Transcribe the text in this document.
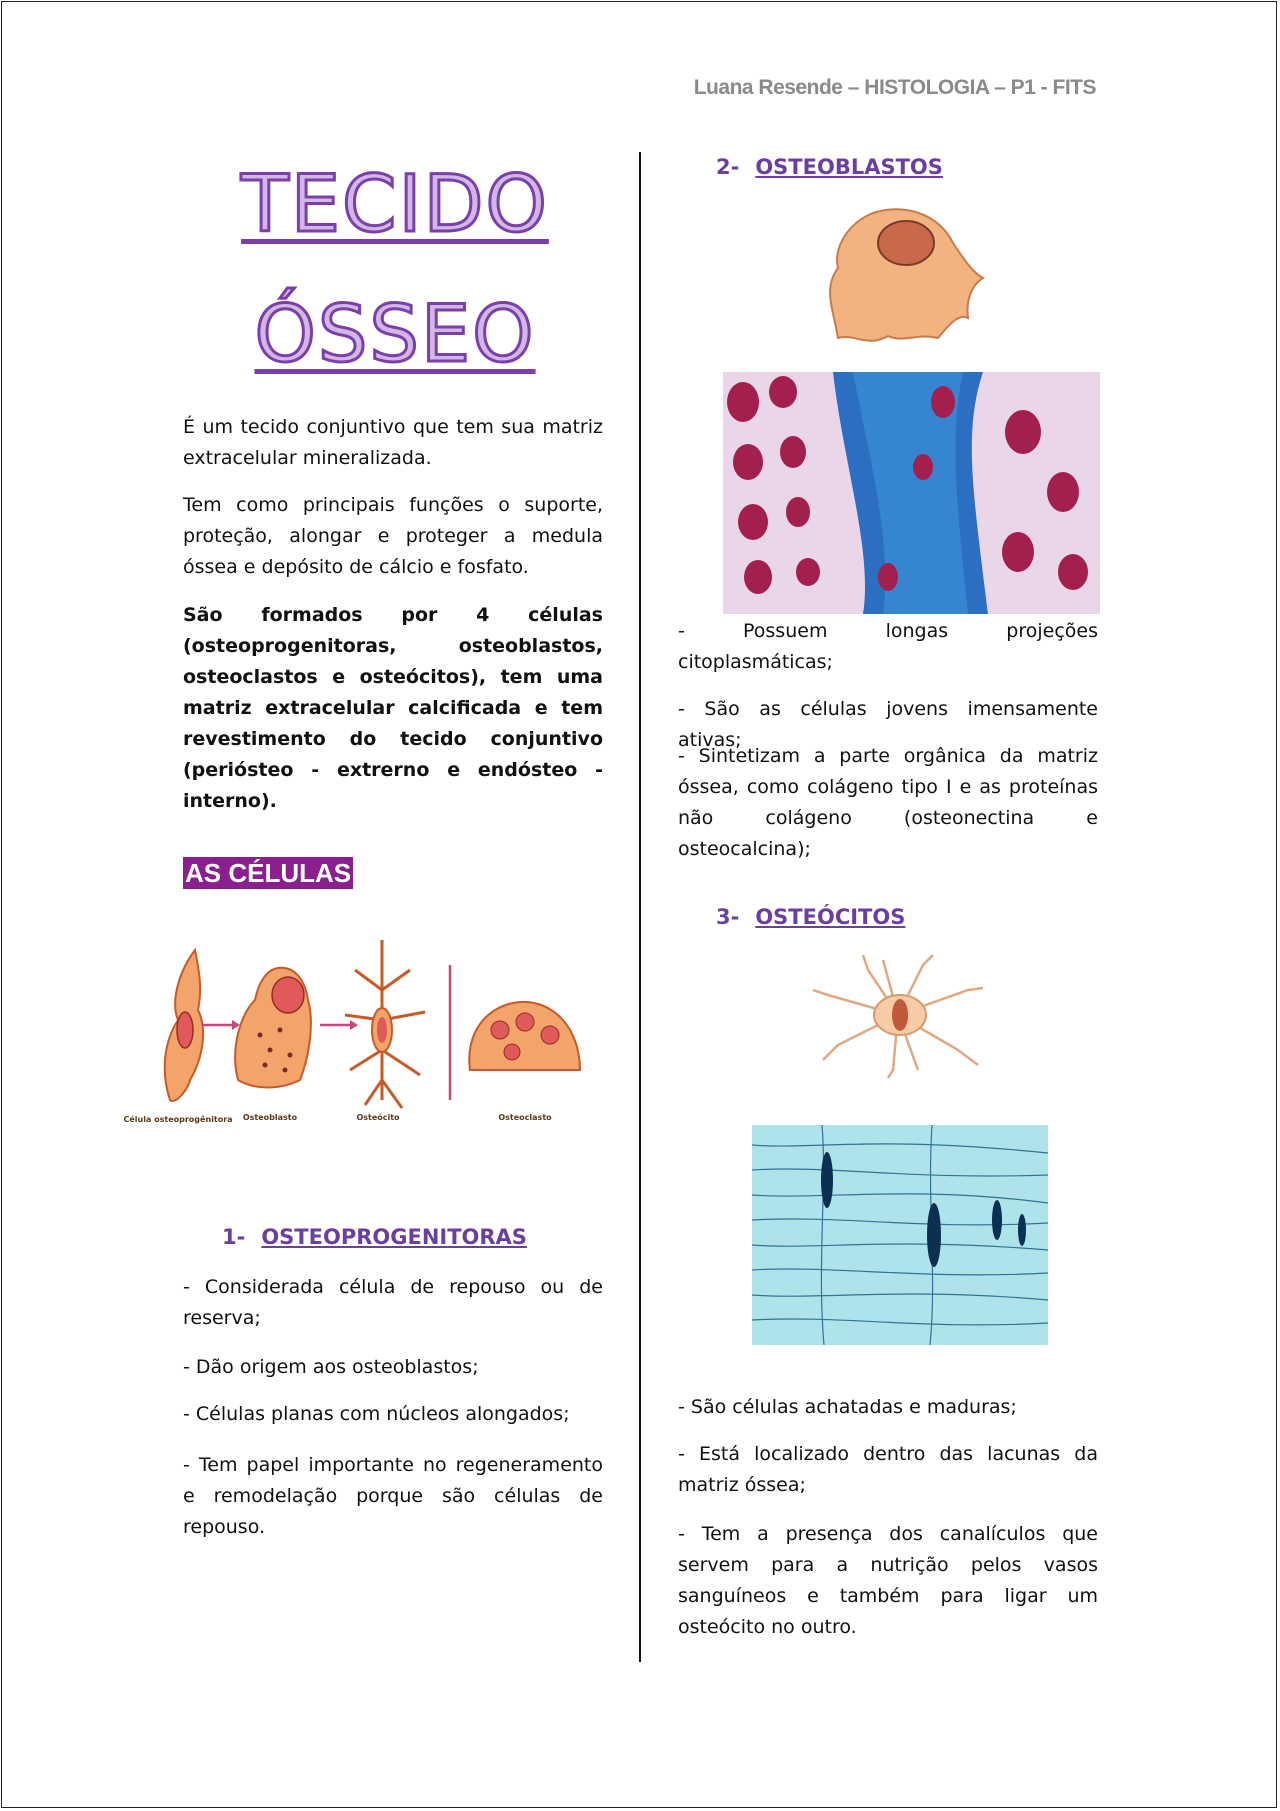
Luana Resende – HISTOLOGIA – P1 - FITS
TECIDO
ÓSSEO

É um tecido conjuntivo que tem sua matriz extracelular mineralizada.

Tem como principais funções o suporte, proteção, alongar e proteger a medula óssea e depósito de cálcio e fosfato.

São formados por 4 células (osteoprogenitoras, osteoblastos, osteoclastos e osteócitos), tem uma matriz extracelular calcificada e tem revestimento do tecido conjuntivo (periósteo - extrerno e endósteo - interno).

AS CÉLULAS
Célula osteoprogênitora Osteoblasto	Osteócito	Osteoclasto
1- OSTEOPROGENITORAS

- Considerada célula de repouso ou de reserva;

- Dão origem aos osteoblastos;

- Células planas com núcleos alongados;

- Tem papel importante no regeneramento e remodelação porque são células de repouso.

2- OSTEOBLASTOS

- Possuem longas projeções citoplasmáticas;

- São as células jovens imensamente ativas;

- Sintetizam a parte orgânica da matriz óssea, como colágeno tipo I e as proteínas não colágeno (osteonectina e osteocalcina);

3- OSTEÓCITOS

- São células achatadas e maduras;

- Está localizado dentro das lacunas da matriz óssea;

- Tem a presença dos canalículos que servem para a nutrição pelos vasos sanguíneos e também para ligar um osteócito no outro.
